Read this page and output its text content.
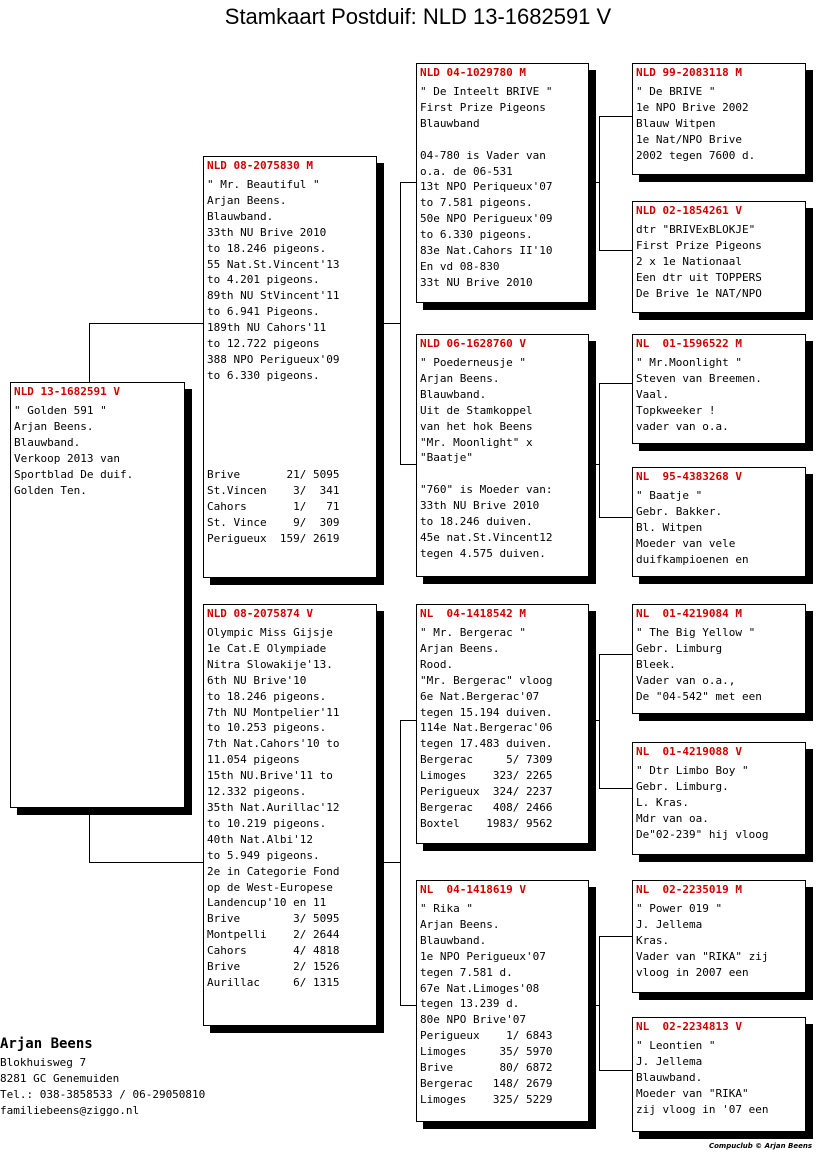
Stamkaart Postduif: NLD 13-1682591 V
NLD 13-1682591 V
" Golden 591 "
Arjan Beens.
Blauwband.
Verkoop 2013 van
Sportblad De duif.
Golden Ten.
NLD 08-2075830 M
" Mr. Beautiful "
Arjan Beens.
Blauwband.
33th NU Brive 2010
to 18.246 pigeons.
55 Nat.St.Vincent'13
to 4.201 pigeons.
89th NU StVincent'11
to 6.941 Pigeons.
189th NU Cahors'11
to 12.722 pigeons
388 NPO Perigueux'09
to 6.330 pigeons.
Brive       21/ 5095
St.Vincen    3/  341
Cahors       1/   71
St. Vince    9/  309
Perigueux  159/ 2619
NLD 08-2075874 V
Olympic Miss Gijsje
1e Cat.E Olympiade
Nitra Slowakije'13.
6th NU Brive'10
to 18.246 pigeons.
7th NU Montpelier'11
to 10.253 pigeons.
7th Nat.Cahors'10 to
11.054 pigeons
15th NU.Brive'11 to
12.332 pigeons.
35th Nat.Aurillac'12
to 10.219 pigeons.
40th Nat.Albi'12
to 5.949 pigeons.
2e in Categorie Fond
op de West-Europese
Landencup'10 en 11
Brive        3/ 5095
Montpelli    2/ 2644
Cahors       4/ 4818
Brive        2/ 1526
Aurillac     6/ 1315
NLD 04-1029780 M
" De Inteelt BRIVE "
First Prize Pigeons
Blauwband

04-780 is Vader van
o.a. de 06-531
13t NPO Periqueux'07
to 7.581 pigeons.
50e NPO Perigueux'09
to 6.330 pigeons.
83e Nat.Cahors II'10
En vd 08-830
33t NU Brive 2010
NLD 06-1628760 V
" Poederneusje "
Arjan Beens.
Blauwband.
Uit de Stamkoppel
van het hok Beens
"Mr. Moonlight" x
"Baatje"

"760" is Moeder van:
33th NU Brive 2010
to 18.246 duiven.
45e nat.St.Vincent12
tegen 4.575 duiven.
NL  04-1418542 M
" Mr. Bergerac "
Arjan Beens.
Rood.
"Mr. Bergerac" vloog
6e Nat.Bergerac'07
tegen 15.194 duiven.
114e Nat.Bergerac'06
tegen 17.483 duiven.
Bergerac     5/ 7309
Limoges    323/ 2265
Perigueux  324/ 2237
Bergerac   408/ 2466
Boxtel    1983/ 9562
NL  04-1418619 V
" Rika "
Arjan Beens.
Blauwband.
1e NPO Perigueux'07
tegen 7.581 d.
67e Nat.Limoges'08
tegen 13.239 d.
80e NPO Brive'07
Perigueux    1/ 6843
Limoges     35/ 5970
Brive       80/ 6872
Bergerac   148/ 2679
Limoges    325/ 5229
NLD 99-2083118 M
" De BRIVE "
1e NPO Brive 2002
Blauw Witpen
1e Nat/NPO Brive
2002 tegen 7600 d.
NLD 02-1854261 V
dtr "BRIVExBLOKJE"
First Prize Pigeons
2 x 1e Nationaal
Een dtr uit TOPPERS
De Brive 1e NAT/NPO
NL  01-1596522 M
" Mr.Moonlight "
Steven van Breemen.
Vaal.
Topkweeker !
vader van o.a.
NL  95-4383268 V
" Baatje "
Gebr. Bakker.
Bl. Witpen
Moeder van vele
duifkampioenen en
NL  01-4219084 M
" The Big Yellow "
Gebr. Limburg
Bleek.
Vader van o.a.,
De "04-542" met een
NL  01-4219088 V
" Dtr Limbo Boy "
Gebr. Limburg.
L. Kras.
Mdr van oa.
De"02-239" hij vloog
NL  02-2235019 M
" Power 019 "
J. Jellema
Kras.
Vader van "RIKA" zij
vloog in 2007 een
NL  02-2234813 V
" Leontien "
J. Jellema
Blauwband.
Moeder van "RIKA"
zij vloog in '07 een
Arjan Beens
Blokhuisweg 7
8281 GC Genemuiden
Tel.: 038-3858533 / 06-29050810
familiebeens@ziggo.nl
Compuclub © Arjan Beens
